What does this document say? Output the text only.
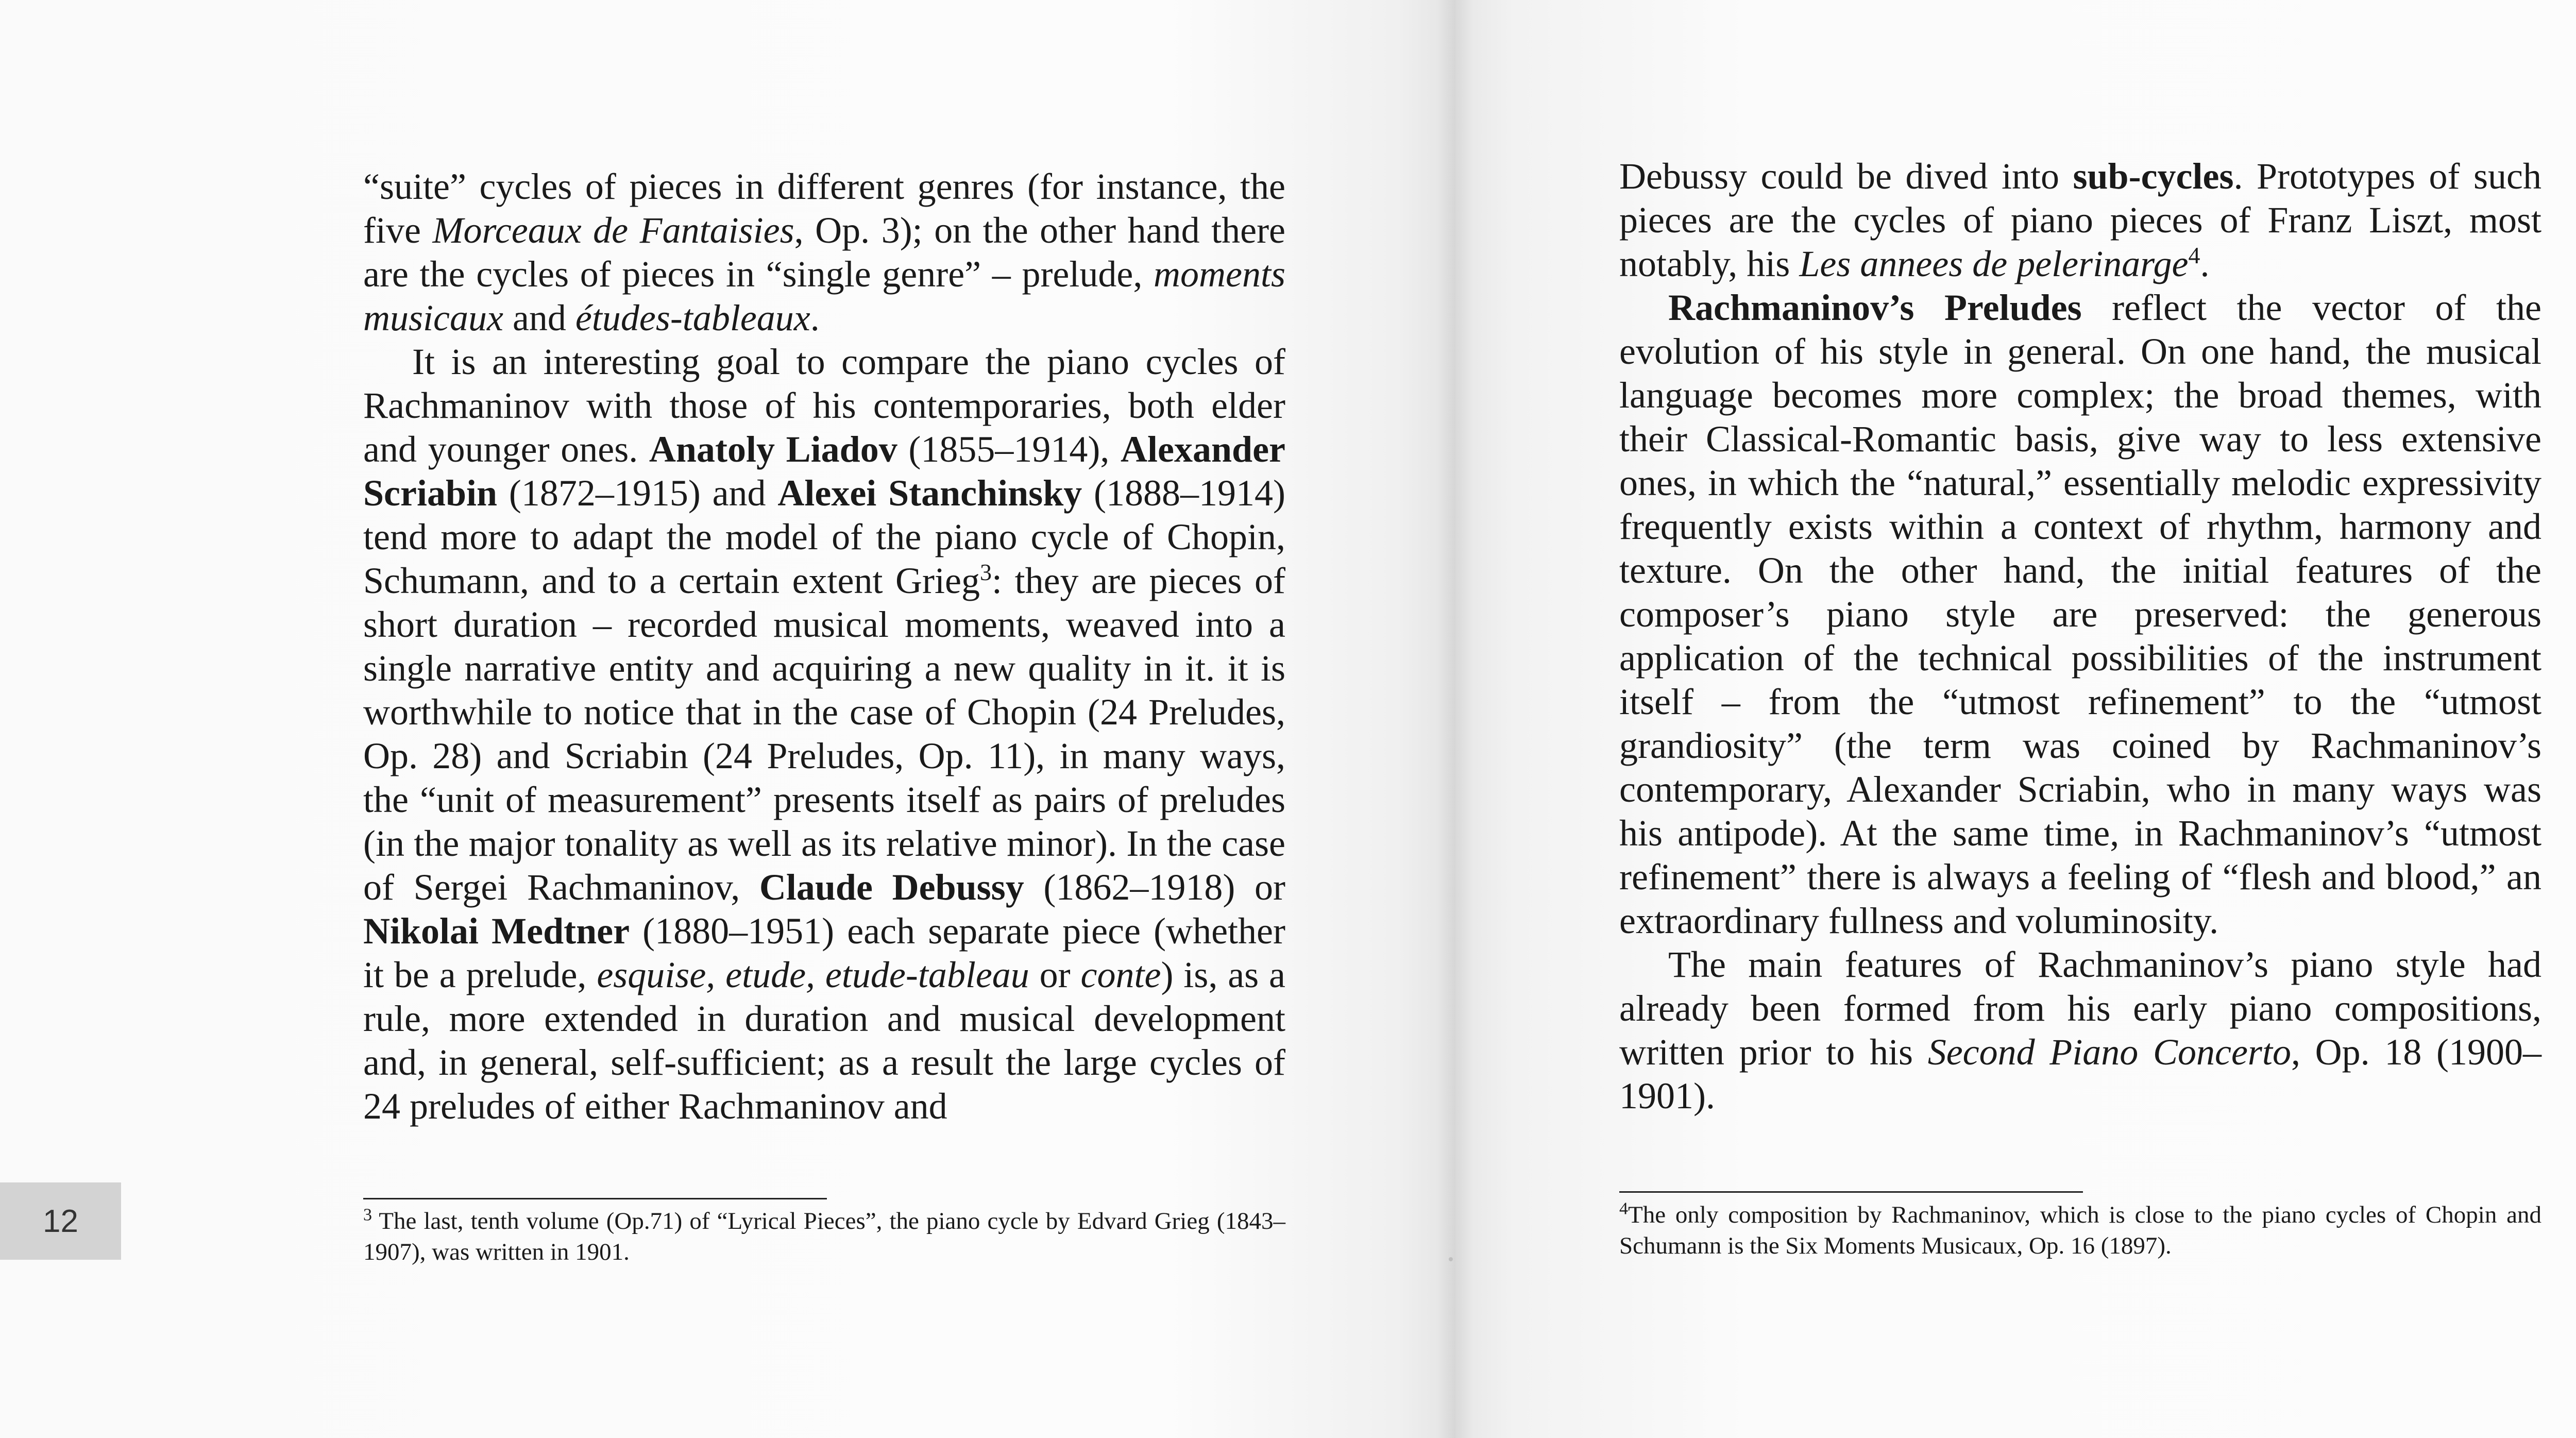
“suite” cycles of pieces in different genres (for instance, the five Morceaux de Fantaisies, Op. 3); on the other hand there are the cycles of pieces in “single genre” – prelude, moments musicaux and études-tableaux.

It is an interesting goal to compare the piano cycles of Rachmaninov with those of his contemporaries, both elder and younger ones. Anatoly Liadov (1855–1914), Alexander Scriabin (1872–1915) and Alexei Stanchinsky (1888–1914) tend more to adapt the model of the piano cycle of Chopin, Schumann, and to a certain extent Grieg$^3$: they are pieces of short duration – recorded musical moments, weaved into a single narrative entity and acquiring a new quality in it. it is worthwhile to notice that in the case of Chopin (24 Preludes, Op. 28) and Scriabin (24 Preludes, Op. 11), in many ways, the “unit of measurement” presents itself as pairs of preludes (in the major tonality as well as its relative minor). In the case of Sergei Rachmaninov, Claude Debussy (1862–1918) or Nikolai Medtner (1880–1951) each separate piece (whether it be a prelude, esquise, etude, etude-tableau or conte) is, as a rule, more extended in duration and musical development and, in general, self-sufficient; as a result the large cycles of 24 preludes of either Rachmaninov and

$^3$ The last, tenth volume (Op.71) of “Lyrical Pieces”, the piano cycle by Edvard Grieg (1843–1907), was written in 1901.
12

Debussy could be dived into sub-cycles. Prototypes of such pieces are the cycles of piano pieces of Franz Liszt, most notably, his Les annees de pelerinarge$^4$.

Rachmaninov’s Preludes reflect the vector of the evolution of his style in general. On one hand, the musical language becomes more complex; the broad themes, with their Classical-Romantic basis, give way to less extensive ones, in which the “natural,” essentially melodic expressivity frequently exists within a context of rhythm, harmony and texture. On the other hand, the initial features of the composer’s piano style are preserved: the generous application of the technical possibilities of the instrument itself – from the “utmost refinement” to the “utmost grandiosity” (the term was coined by Rachmaninov’s contemporary, Alexander Scriabin, who in many ways was his antipode). At the same time, in Rachmaninov’s “utmost refinement” there is always a feeling of “flesh and blood,” an extraordinary fullness and voluminosity.

The main features of Rachmaninov’s piano style had already been formed from his early piano compositions, written prior to his Second Piano Concerto, Op. 18 (1900–1901).

$^4$The only composition by Rachmaninov, which is close to the piano cycles of Chopin and Schumann is the Six Moments Musicaux, Op. 16 (1897).
